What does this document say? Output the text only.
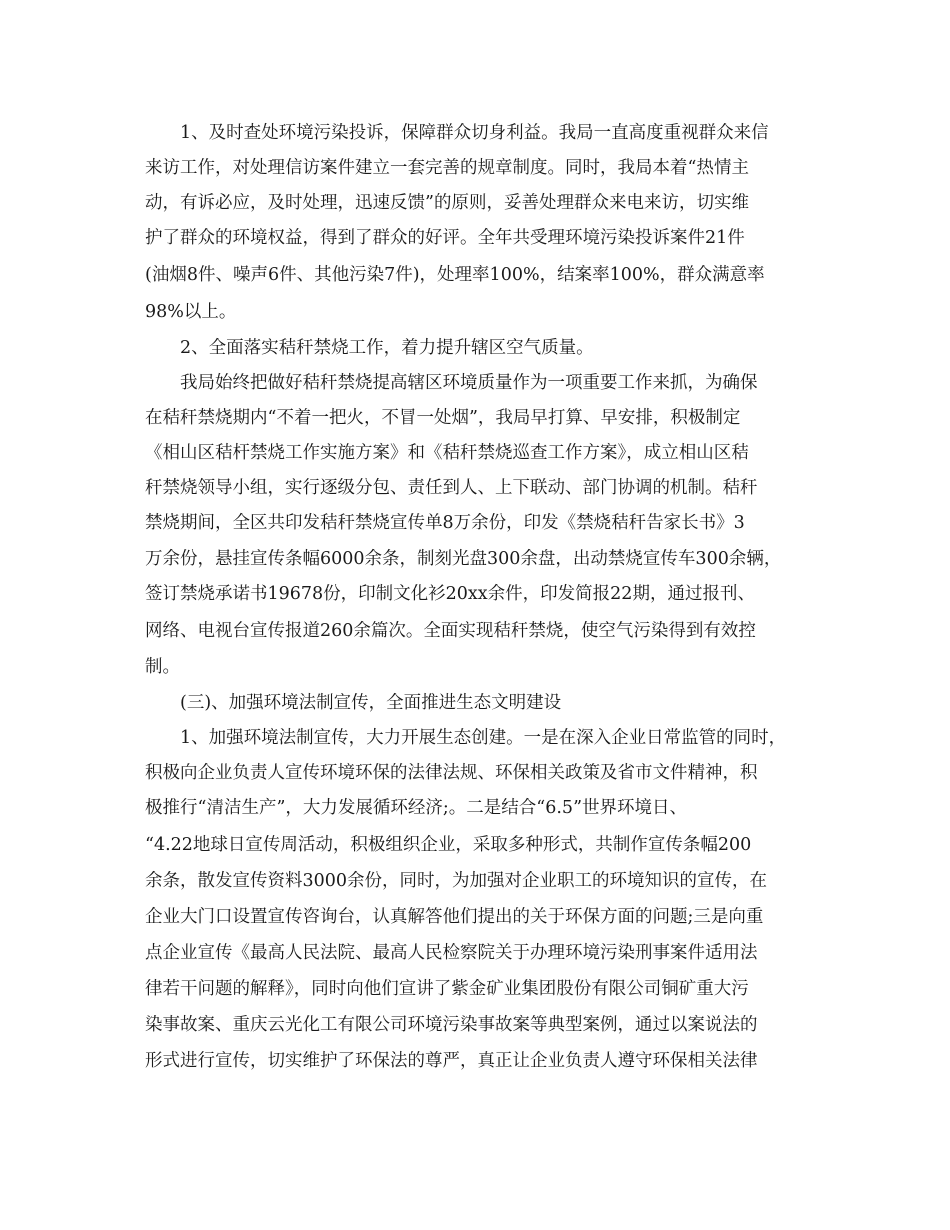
　　1、及时查处环境污染投诉，保障群众切身利益。我局一直高度重视群众来信
来访工作，对处理信访案件建立一套完善的规章制度。同时，我局本着“热情主
动，有诉必应，及时处理，迅速反馈”的原则，妥善处理群众来电来访，切实维
护了群众的环境权益，得到了群众的好评。全年共受理环境污染投诉案件21件
(油烟8件、噪声6件、其他污染7件)，处理率100%，结案率100%，群众满意率
98%以上。
　　2、全面落实秸秆禁烧工作，着力提升辖区空气质量。
　　我局始终把做好秸秆禁烧提高辖区环境质量作为一项重要工作来抓，为确保
在秸秆禁烧期内“不着一把火，不冒一处烟”，我局早打算、早安排，积极制定
《相山区秸杆禁烧工作实施方案》和《秸秆禁烧巡查工作方案》，成立相山区秸
秆禁烧领导小组，实行逐级分包、责任到人、上下联动、部门协调的机制。秸秆
禁烧期间，全区共印发秸秆禁烧宣传单8万余份，印发《禁烧秸秆告家长书》3
万余份，悬挂宣传条幅6000余条，制刻光盘300余盘，出动禁烧宣传车300余辆，
签订禁烧承诺书19678份，印制文化衫20xx余件，印发简报22期，通过报刊、
网络、电视台宣传报道260余篇次。全面实现秸秆禁烧，使空气污染得到有效控
制。
　　(三)、加强环境法制宣传，全面推进生态文明建设
　　1、加强环境法制宣传，大力开展生态创建。一是在深入企业日常监管的同时，
积极向企业负责人宣传环境环保的法律法规、环保相关政策及省市文件精神，积
极推行“清洁生产”，大力发展循环经济;。二是结合“6.5”世界环境日、
“4.22地球日宣传周活动，积极组织企业，采取多种形式，共制作宣传条幅200
余条，散发宣传资料3000余份，同时，为加强对企业职工的环境知识的宣传，在
企业大门口设置宣传咨询台，认真解答他们提出的关于环保方面的问题;三是向重
点企业宣传《最高人民法院、最高人民检察院关于办理环境污染刑事案件适用法
律若干问题的解释》，同时向他们宣讲了紫金矿业集团股份有限公司铜矿重大污
染事故案、重庆云光化工有限公司环境污染事故案等典型案例，通过以案说法的
形式进行宣传，切实维护了环保法的尊严，真正让企业负责人遵守环保相关法律
